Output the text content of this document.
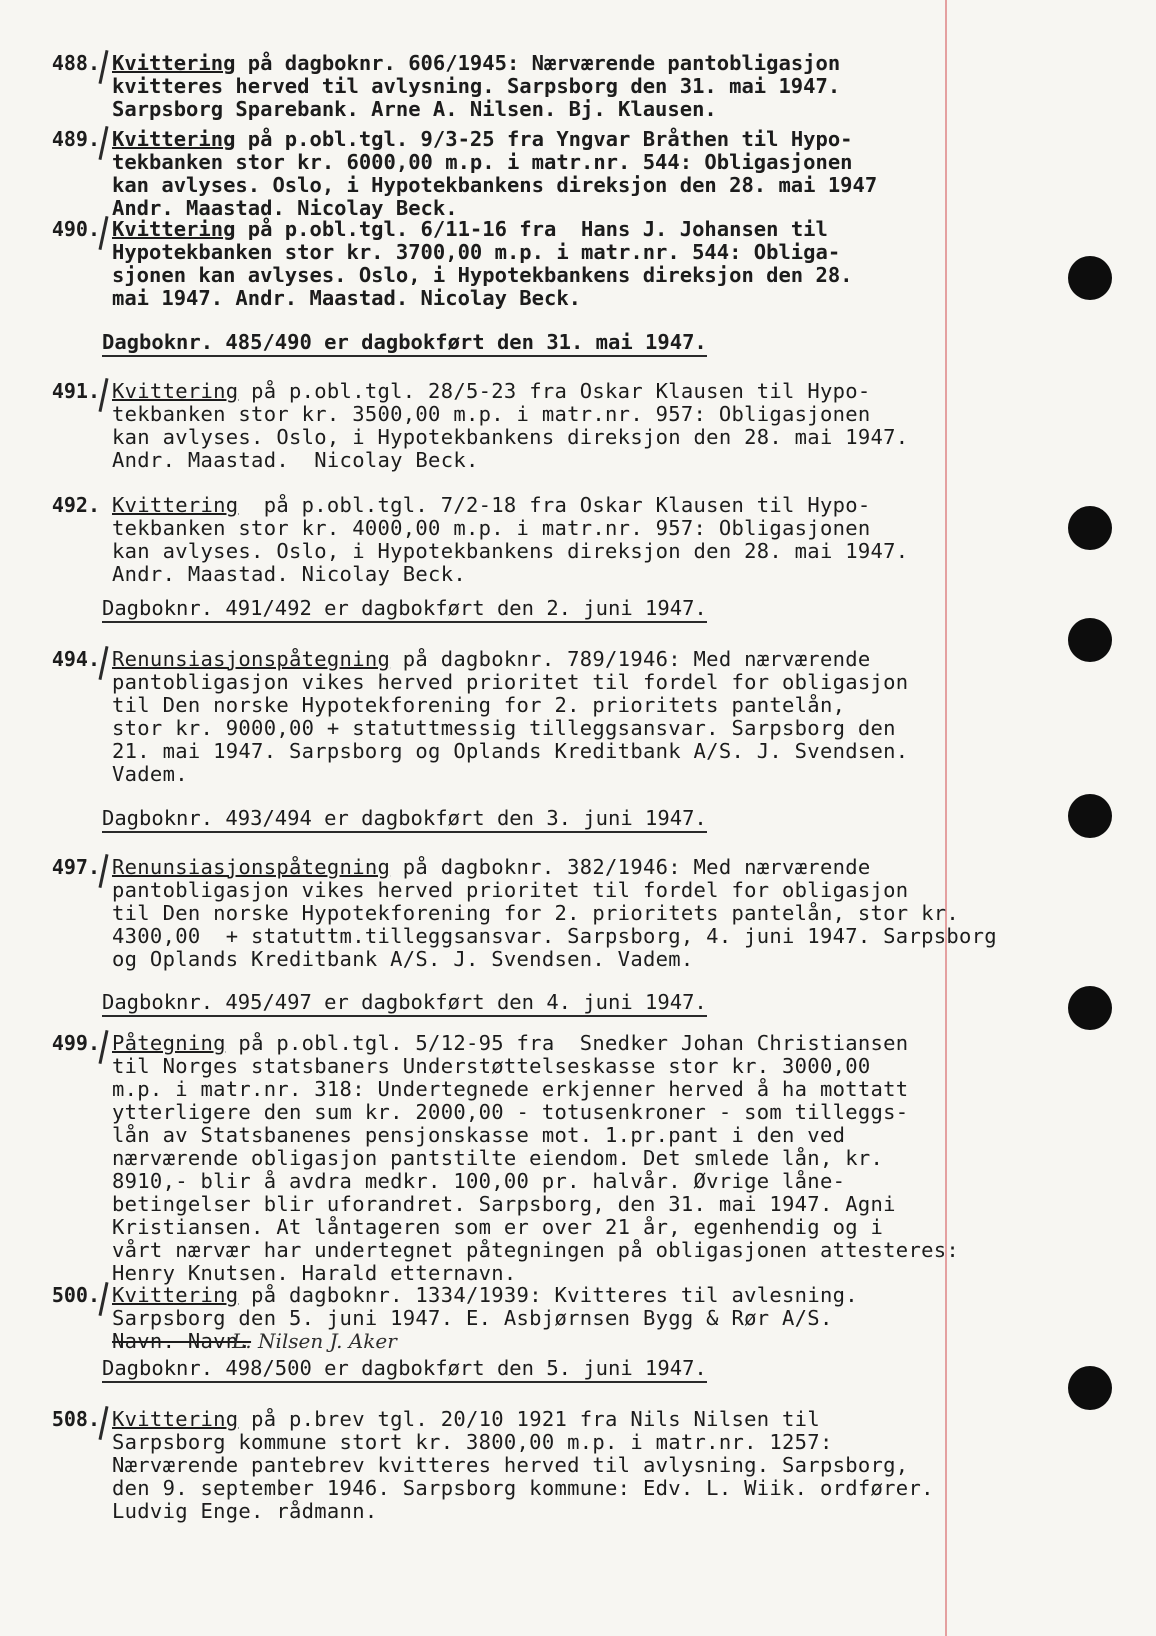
488. Kvittering på dagboknr. 606/1945: Nærværende pantobligasjon
kvitteres herved til avlysning. Sarpsborg den 31. mai 1947.
Sarpsborg Sparebank. Arne A. Nilsen. Bj. Klausen.
489. Kvittering på p.obl.tgl. 9/3-25 fra Yngvar Bråthen til Hypo-
tekbanken stor kr. 6000,00 m.p. i matr.nr. 544: Obligasjonen
kan avlyses. Oslo, i Hypotekbankens direksjon den 28. mai 1947
Andr. Maastad. Nicolay Beck.
490. Kvittering på p.obl.tgl. 6/11-16 fra  Hans J. Johansen til
Hypotekbanken stor kr. 3700,00 m.p. i matr.nr. 544: Obliga-
sjonen kan avlyses. Oslo, i Hypotekbankens direksjon den 28.
mai 1947. Andr. Maastad. Nicolay Beck.
Dagboknr. 485/490 er dagbokført den 31. mai 1947.
491. Kvittering på p.obl.tgl. 28/5-23 fra Oskar Klausen til Hypo-
tekbanken stor kr. 3500,00 m.p. i matr.nr. 957: Obligasjonen
kan avlyses. Oslo, i Hypotekbankens direksjon den 28. mai 1947.
Andr. Maastad.  Nicolay Beck.
492. Kvittering  på p.obl.tgl. 7/2-18 fra Oskar Klausen til Hypo-
tekbanken stor kr. 4000,00 m.p. i matr.nr. 957: Obligasjonen
kan avlyses. Oslo, i Hypotekbankens direksjon den 28. mai 1947.
Andr. Maastad. Nicolay Beck.
Dagboknr. 491/492 er dagbokført den 2. juni 1947.
494. Renunsiasjonspåtegning på dagboknr. 789/1946: Med nærværende
pantobligasjon vikes herved prioritet til fordel for obligasjon
til Den norske Hypotekforening for 2. prioritets pantelån,
stor kr. 9000,00 + statuttmessig tilleggsansvar. Sarpsborg den
21. mai 1947. Sarpsborg og Oplands Kreditbank A/S. J. Svendsen.
Vadem.
Dagboknr. 493/494 er dagbokført den 3. juni 1947.
497. Renunsiasjonspåtegning på dagboknr. 382/1946: Med nærværende
pantobligasjon vikes herved prioritet til fordel for obligasjon
til Den norske Hypotekforening for 2. prioritets pantelån, stor kr.
4300,00  + statuttm.tilleggsansvar. Sarpsborg, 4. juni 1947. Sarpsborg
og Oplands Kreditbank A/S. J. Svendsen. Vadem.
Dagboknr. 495/497 er dagbokført den 4. juni 1947.
499. Påtegning på p.obl.tgl. 5/12-95 fra  Snedker Johan Christiansen
til Norges statsbaners Understøttelseskasse stor kr. 3000,00
m.p. i matr.nr. 318: Undertegnede erkjenner herved å ha mottatt
ytterligere den sum kr. 2000,00 - totusenkroner - som tilleggs-
lån av Statsbanenes pensjonskasse mot. 1.pr.pant i den ved
nærværende obligasjon pantstilte eiendom. Det smlede lån, kr.
8910,- blir å avdra medkr. 100,00 pr. halvår. Øvrige låne-
betingelser blir uforandret. Sarpsborg, den 31. mai 1947. Agni
Kristiansen. At låntageren som er over 21 år, egenhendig og i
vårt nærvær har undertegnet påtegningen på obligasjonen attesteres:
Henry Knutsen. Harald etternavn.
500. Kvittering på dagboknr. 1334/1939: Kvitteres til avlesning.
Sarpsborg den 5. juni 1947. E. Asbjørnsen Bygg & Rør A/S.
Navn. Navn.
L. Nilsen J. Aker
Dagboknr. 498/500 er dagbokført den 5. juni 1947.
508. Kvittering på p.brev tgl. 20/10 1921 fra Nils Nilsen til
Sarpsborg kommune stort kr. 3800,00 m.p. i matr.nr. 1257:
Nærværende pantebrev kvitteres herved til avlysning. Sarpsborg,
den 9. september 1946. Sarpsborg kommune: Edv. L. Wiik. ordfører.
Ludvig Enge. rådmann.
